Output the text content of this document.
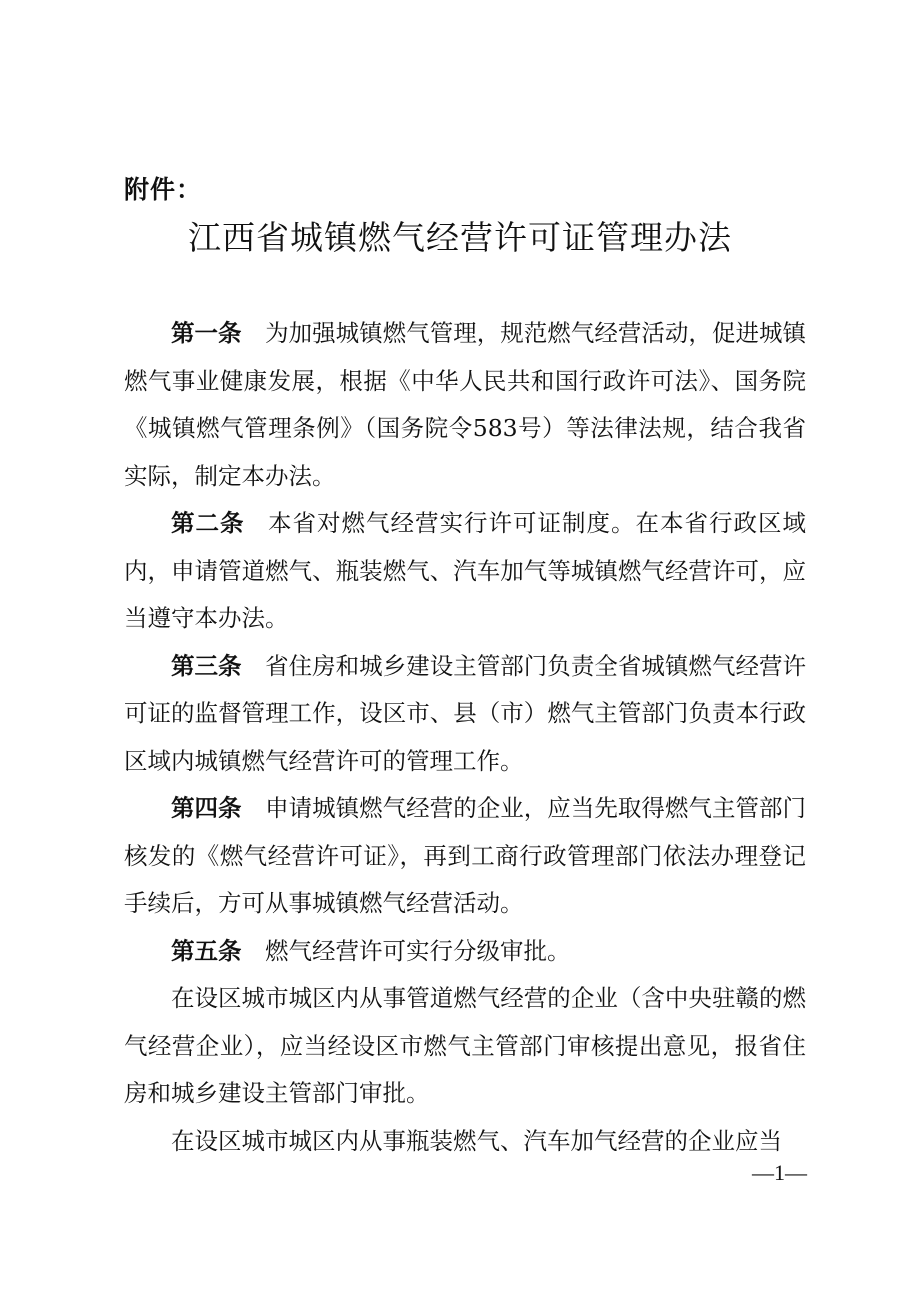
附件：
江西省城镇燃气经营许可证管理办法

第一条 为加强城镇燃气管理，规范燃气经营活动，促进城镇燃气事业健康发展，根据《中华人民共和国行政许可法》、国务院《城镇燃气管理条例》（国务院令583号）等法律法规，结合我省实际，制定本办法。

第二条 本省对燃气经营实行许可证制度。在本省行政区域内，申请管道燃气、瓶装燃气、汽车加气等城镇燃气经营许可，应当遵守本办法。

第三条 省住房和城乡建设主管部门负责全省城镇燃气经营许可证的监督管理工作，设区市、县（市）燃气主管部门负责本行政区域内城镇燃气经营许可的管理工作。

第四条 申请城镇燃气经营的企业，应当先取得燃气主管部门核发的《燃气经营许可证》，再到工商行政管理部门依法办理登记手续后，方可从事城镇燃气经营活动。

第五条 燃气经营许可实行分级审批。

在设区城市城区内从事管道燃气经营的企业（含中央驻赣的燃气经营企业），应当经设区市燃气主管部门审核提出意见，报省住房和城乡建设主管部门审批。

在设区城市城区内从事瓶装燃气、汽车加气经营的企业应当

—1—
